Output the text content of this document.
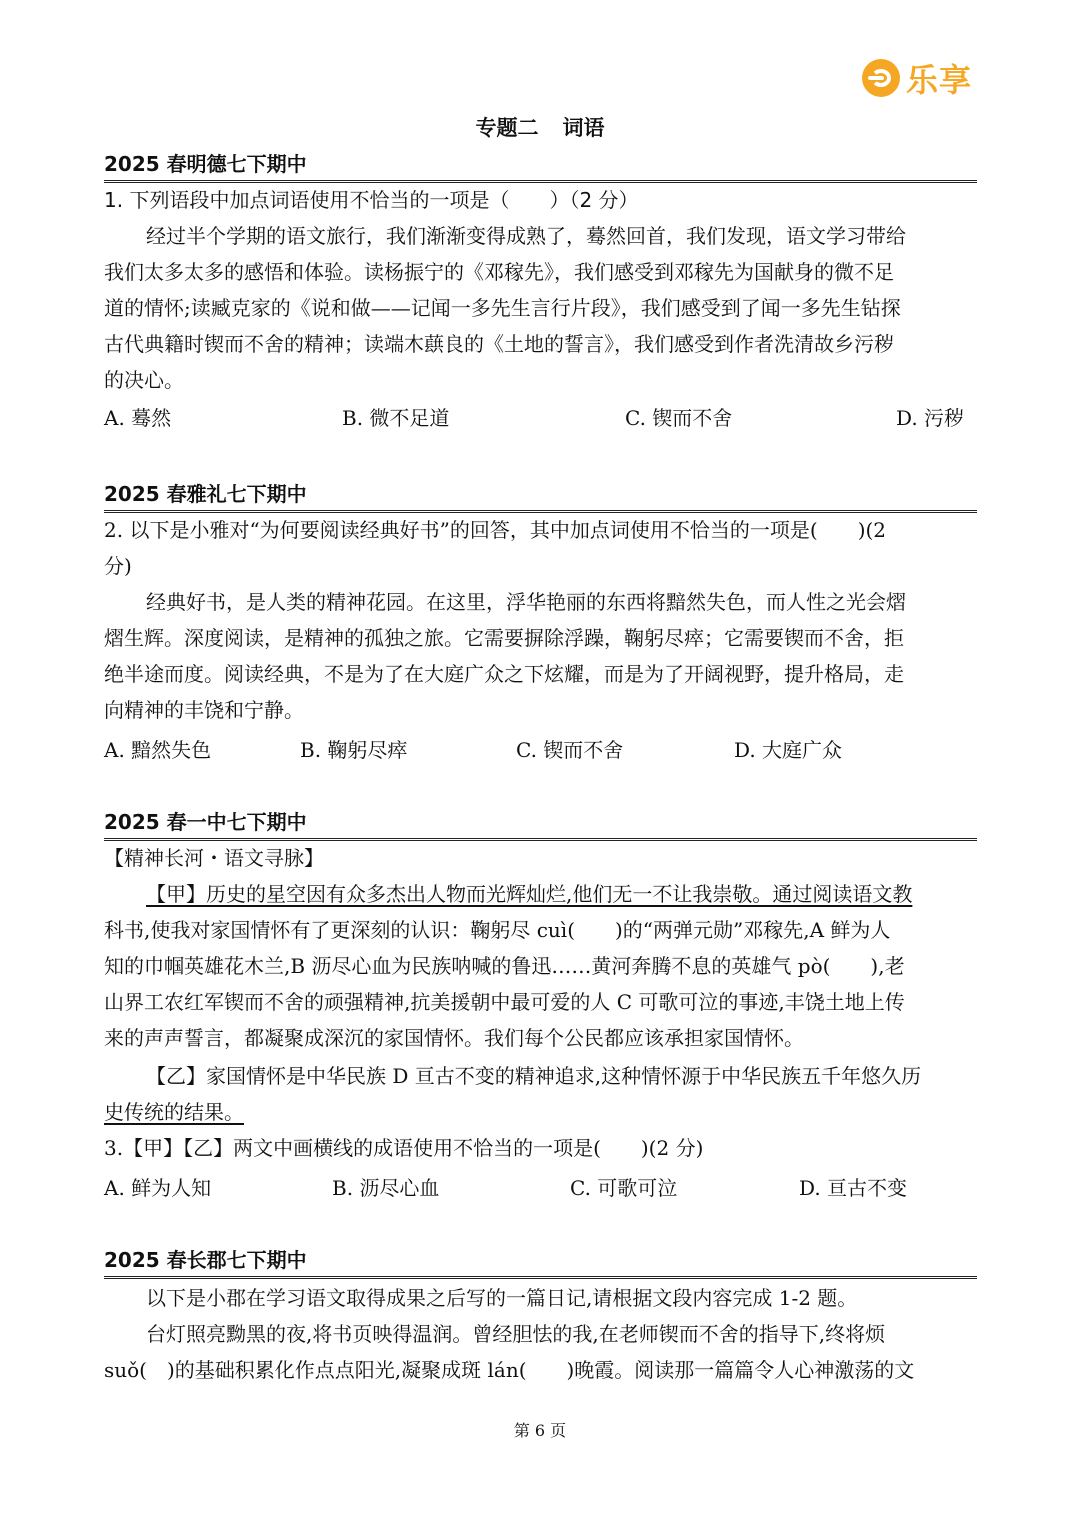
乐享
专题二 词语
2025 春明德七下期中
1. 下列语段中加点词语使用不恰当的一项是（　　）（2 分）
经过半个学期的语文旅行，我们渐渐变得成熟了，蓦然回首，我们发现，语文学习带给
我们太多太多的感悟和体验。读杨振宁的《邓稼先》，我们感受到邓稼先为国献身的微不足
道的情怀;读臧克家的《说和做——记闻一多先生言行片段》，我们感受到了闻一多先生钻探
古代典籍时锲而不舍的精神；读端木蕻良的《土地的誓言》，我们感受到作者洗清故乡污秽
的决心。
A. 蓦然	B. 微不足道	C. 锲而不舍	D. 污秽
2025 春雅礼七下期中
2. 以下是小雅对“为何要阅读经典好书”的回答，其中加点词使用不恰当的一项是(　　)(2
分)
经典好书，是人类的精神花园。在这里，浮华艳丽的东西将黯然失色，而人性之光会熠
熠生辉。深度阅读，是精神的孤独之旅。它需要摒除浮躁，鞠躬尽瘁；它需要锲而不舍，拒
绝半途而度。阅读经典，不是为了在大庭广众之下炫耀，而是为了开阔视野，提升格局，走
向精神的丰饶和宁静。
A. 黯然失色	B. 鞠躬尽瘁	C. 锲而不舍	D. 大庭广众
2025 春一中七下期中
【精神长河・语文寻脉】
【甲】历史的星空因有众多杰出人物而光辉灿烂,他们无一不让我崇敬。通过阅读语文教
科书,使我对家国情怀有了更深刻的认识：鞠躬尽 cuì(　　)的“两弹元勋”邓稼先,A 鲜为人
知的巾帼英雄花木兰,B 沥尽心血为民族呐喊的鲁迅……黄河奔腾不息的英雄气 pò(　　),老
山界工农红军锲而不舍的顽强精神,抗美援朝中最可爱的人 C 可歌可泣的事迹,丰饶土地上传
来的声声誓言，都凝聚成深沉的家国情怀。我们每个公民都应该承担家国情怀。
【乙】家国情怀是中华民族 D 亘古不变的精神追求,这种情怀源于中华民族五千年悠久历
史传统的结果。
3.【甲】【乙】两文中画横线的成语使用不恰当的一项是(　　)(2 分)
A. 鲜为人知	B. 沥尽心血	C. 可歌可泣	D. 亘古不变
2025 春长郡七下期中
以下是小郡在学习语文取得成果之后写的一篇日记,请根据文段内容完成 1-2 题。
台灯照亮黝黑的夜,将书页映得温润。曾经胆怯的我,在老师锲而不舍的指导下,终将烦
suǒ(　)的基础积累化作点点阳光,凝聚成斑 lán(　　)晚霞。阅读那一篇篇令人心神激荡的文
第 6 页
